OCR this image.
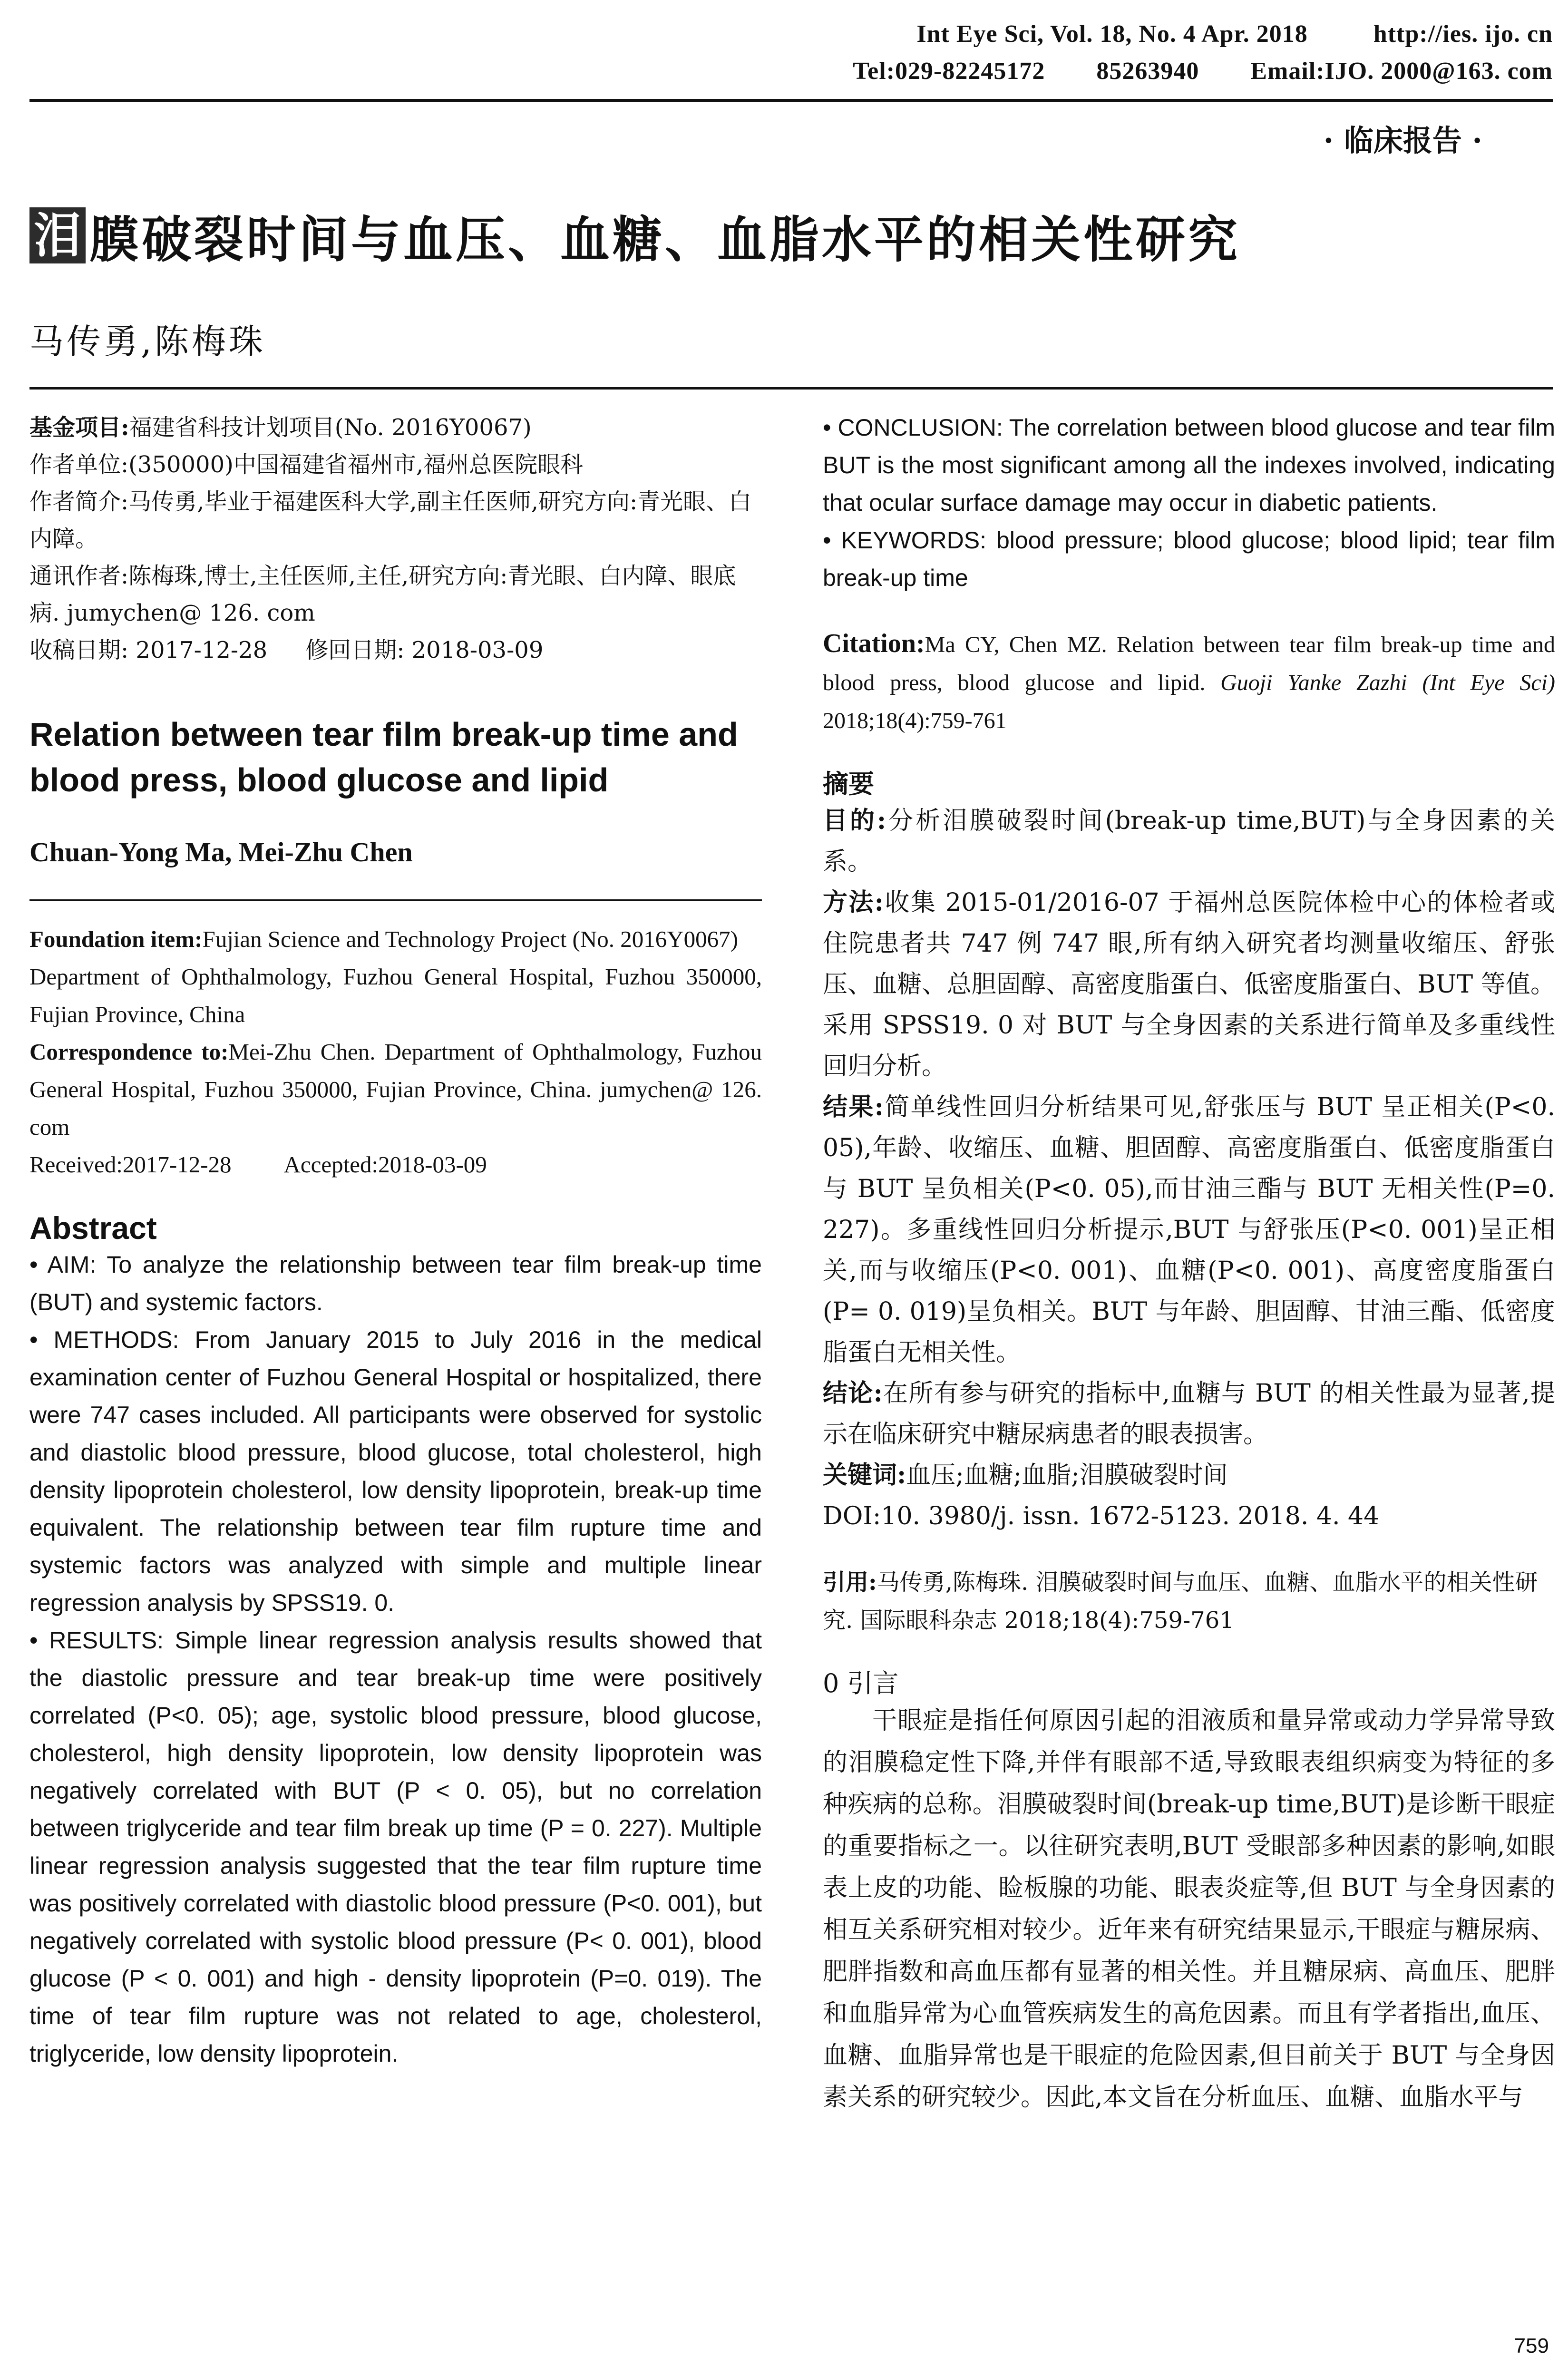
Int Eye Sci, Vol. 18, No. 4 Apr. 2018	http://ies. ijo. cn
Tel:029-82245172 85263940 Email:IJO. 2000@163. com
· 临床报告 ·
泪 膜破裂时间与血压、血糖、血脂水平的相关性研究
马传勇,陈梅珠
基金项目:福建省科技计划项目(No. 2016Y0067)
作者单位:(350000)中国福建省福州市,福州总医院眼科
作者简介:马传勇,毕业于福建医科大学,副主任医师,研究方向:青光眼、白内障。
通讯作者:陈梅珠,博士,主任医师,主任,研究方向:青光眼、白内障、眼底病. jumychen@ 126. com
收稿日期: 2017-12-28 修回日期: 2018-03-09
Relation between tear film break-up time and blood press, blood glucose and lipid
Chuan-Yong Ma, Mei-Zhu Chen
Foundation item:Fujian Science and Technology Project (No. 2016Y0067)
Department of Ophthalmology, Fuzhou General Hospital, Fuzhou 350000, Fujian Province, China
Correspondence to:Mei-Zhu Chen. Department of Ophthalmology, Fuzhou General Hospital, Fuzhou 350000, Fujian Province, China. jumychen@ 126. com
Received:2017-12-28 Accepted:2018-03-09
Abstract
• AIM: To analyze the relationship between tear film break-up time (BUT) and systemic factors.
• METHODS: From January 2015 to July 2016 in the medical examination center of Fuzhou General Hospital or hospitalized, there were 747 cases included. All participants were observed for systolic and diastolic blood pressure, blood glucose, total cholesterol, high density lipoprotein cholesterol, low density lipoprotein, break-up time equivalent. The relationship between tear film rupture time and systemic factors was analyzed with simple and multiple linear regression analysis by SPSS19. 0.
• RESULTS: Simple linear regression analysis results showed that the diastolic pressure and tear break-up time were positively correlated (P<0. 05); age, systolic blood pressure, blood glucose, cholesterol, high density lipoprotein, low density lipoprotein was negatively correlated with BUT (P < 0. 05), but no correlation between triglyceride and tear film break up time (P = 0. 227). Multiple linear regression analysis suggested that the tear film rupture time was positively correlated with diastolic blood pressure (P<0. 001), but negatively correlated with systolic blood pressure (P< 0. 001), blood glucose (P < 0. 001) and high - density lipoprotein (P=0. 019). The time of tear film rupture was not related to age, cholesterol, triglyceride, low density lipoprotein.
• CONCLUSION: The correlation between blood glucose and tear film BUT is the most significant among all the indexes involved, indicating that ocular surface damage may occur in diabetic patients.
• KEYWORDS: blood pressure; blood glucose; blood lipid; tear film break-up time
Citation:Ma CY, Chen MZ. Relation between tear film break-up time and blood press, blood glucose and lipid. Guoji Yanke Zazhi (Int Eye Sci) 2018;18(4):759-761
摘要
目的:分析泪膜破裂时间(break-up time,BUT)与全身因素的关系。
方法:收集 2015-01/2016-07 于福州总医院体检中心的体检者或住院患者共 747 例 747 眼,所有纳入研究者均测量收缩压、舒张压、血糖、总胆固醇、高密度脂蛋白、低密度脂蛋白、BUT 等值。采用 SPSS19. 0 对 BUT 与全身因素的关系进行简单及多重线性回归分析。
结果:简单线性回归分析结果可见,舒张压与 BUT 呈正相关(P<0. 05),年龄、收缩压、血糖、胆固醇、高密度脂蛋白、低密度脂蛋白与 BUT 呈负相关(P<0. 05),而甘油三酯与 BUT 无相关性(P=0. 227)。多重线性回归分析提示,BUT 与舒张压(P<0. 001)呈正相关,而与收缩压(P<0. 001)、血糖(P<0. 001)、高度密度脂蛋白(P= 0. 019)呈负相关。BUT 与年龄、胆固醇、甘油三酯、低密度脂蛋白无相关性。
结论:在所有参与研究的指标中,血糖与 BUT 的相关性最为显著,提示在临床研究中糖尿病患者的眼表损害。
关键词:血压;血糖;血脂;泪膜破裂时间
DOI:10. 3980/j. issn. 1672-5123. 2018. 4. 44
引用:马传勇,陈梅珠. 泪膜破裂时间与血压、血糖、血脂水平的相关性研究. 国际眼科杂志 2018;18(4):759-761
0 引言
干眼症是指任何原因引起的泪液质和量异常或动力学异常导致的泪膜稳定性下降,并伴有眼部不适,导致眼表组织病变为特征的多种疾病的总称。泪膜破裂时间(break-up time,BUT)是诊断干眼症的重要指标之一。以往研究表明,BUT 受眼部多种因素的影响,如眼表上皮的功能、睑板腺的功能、眼表炎症等,但 BUT 与全身因素的相互关系研究相对较少。近年来有研究结果显示,干眼症与糖尿病、肥胖指数和高血压都有显著的相关性。并且糖尿病、高血压、肥胖和血脂异常为心血管疾病发生的高危因素。而且有学者指出,血压、血糖、血脂异常也是干眼症的危险因素,但目前关于 BUT 与全身因素关系的研究较少。因此,本文旨在分析血压、血糖、血脂水平与
759
